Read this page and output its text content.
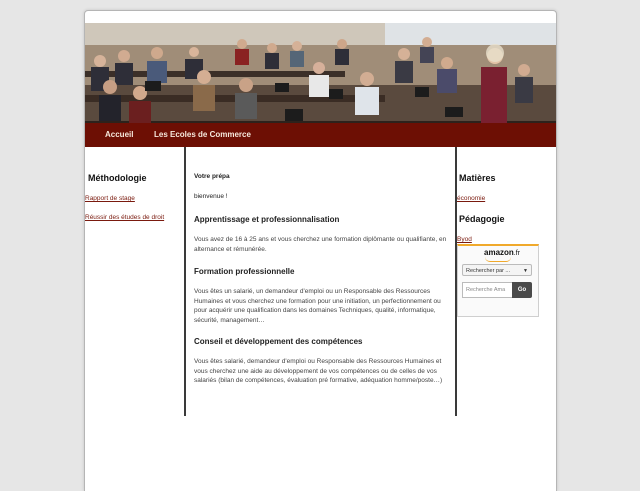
Accueil	Les Ecoles de Commerce
Méthodologie
Rapport de stage
Réussir des études de droit
Votre prépa
bienvenue !
Apprentissage et professionnalisation
Vous avez de 16 à 25 ans et vous cherchez une formation diplômante ou qualifiante, en alternance et rémunérée.
Formation professionnelle
Vous êtes un salarié, un demandeur d'emploi ou un Responsable des Ressources Humaines et vous cherchez une formation pour une initiation, un perfectionnement ou pour acquérir une qualification dans les domaines Techniques, qualité, informatique, sécurité, management…
Conseil et développement des compétences
Vous êtes salarié, demandeur d'emploi ou Responsable des Ressources Humaines et vous cherchez une aide au développement de vos compétences ou de celles de vos salariés (bilan de compétences, évaluation pré formative, adéquation homme/poste…)
Matières
économie
Pédagogie
Byod
amazon.fr
Rechercher par ...	▼
Recherche Ama	Go
